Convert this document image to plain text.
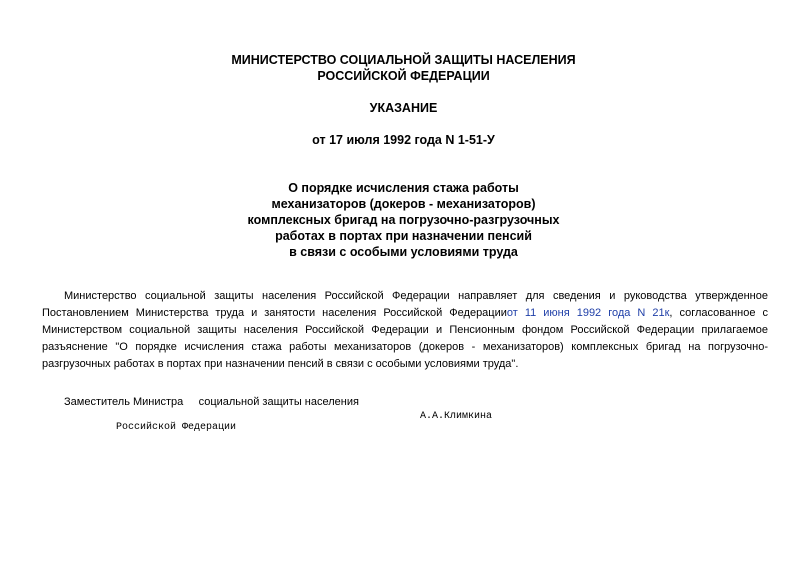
МИНИСТЕРСТВО СОЦИАЛЬНОЙ ЗАЩИТЫ НАСЕЛЕНИЯ
РОССИЙСКОЙ ФЕДЕРАЦИИ
УКАЗАНИЕ
от 17 июля 1992 года N 1-51-У
О порядке исчисления стажа работы
механизаторов (докеров - механизаторов)
комплексных бригад на погрузочно-разгрузочных
работах в портах при назначении пенсий
в связи с особыми условиями труда

Министерство социальной защиты населения Российской Федерации направляет для сведения и руководства утвержденное Постановлением Министерства труда и занятости населения Российской Федерацииот 11 июня 1992 года N 21к, согласованное с Министерством социальной защиты населения Российской Федерации и Пенсионным фондом Российской Федерации прилагаемое разъяснение "О порядке исчисления стажа работы механизаторов (докеров - механизаторов) комплексных бригад на погрузочно-разгрузочных работах в портах при назначении пенсий в связи с особыми условиями труда".

Заместитель Министра     социальной защиты населения

Российской Федерации

А.А.Климкина
